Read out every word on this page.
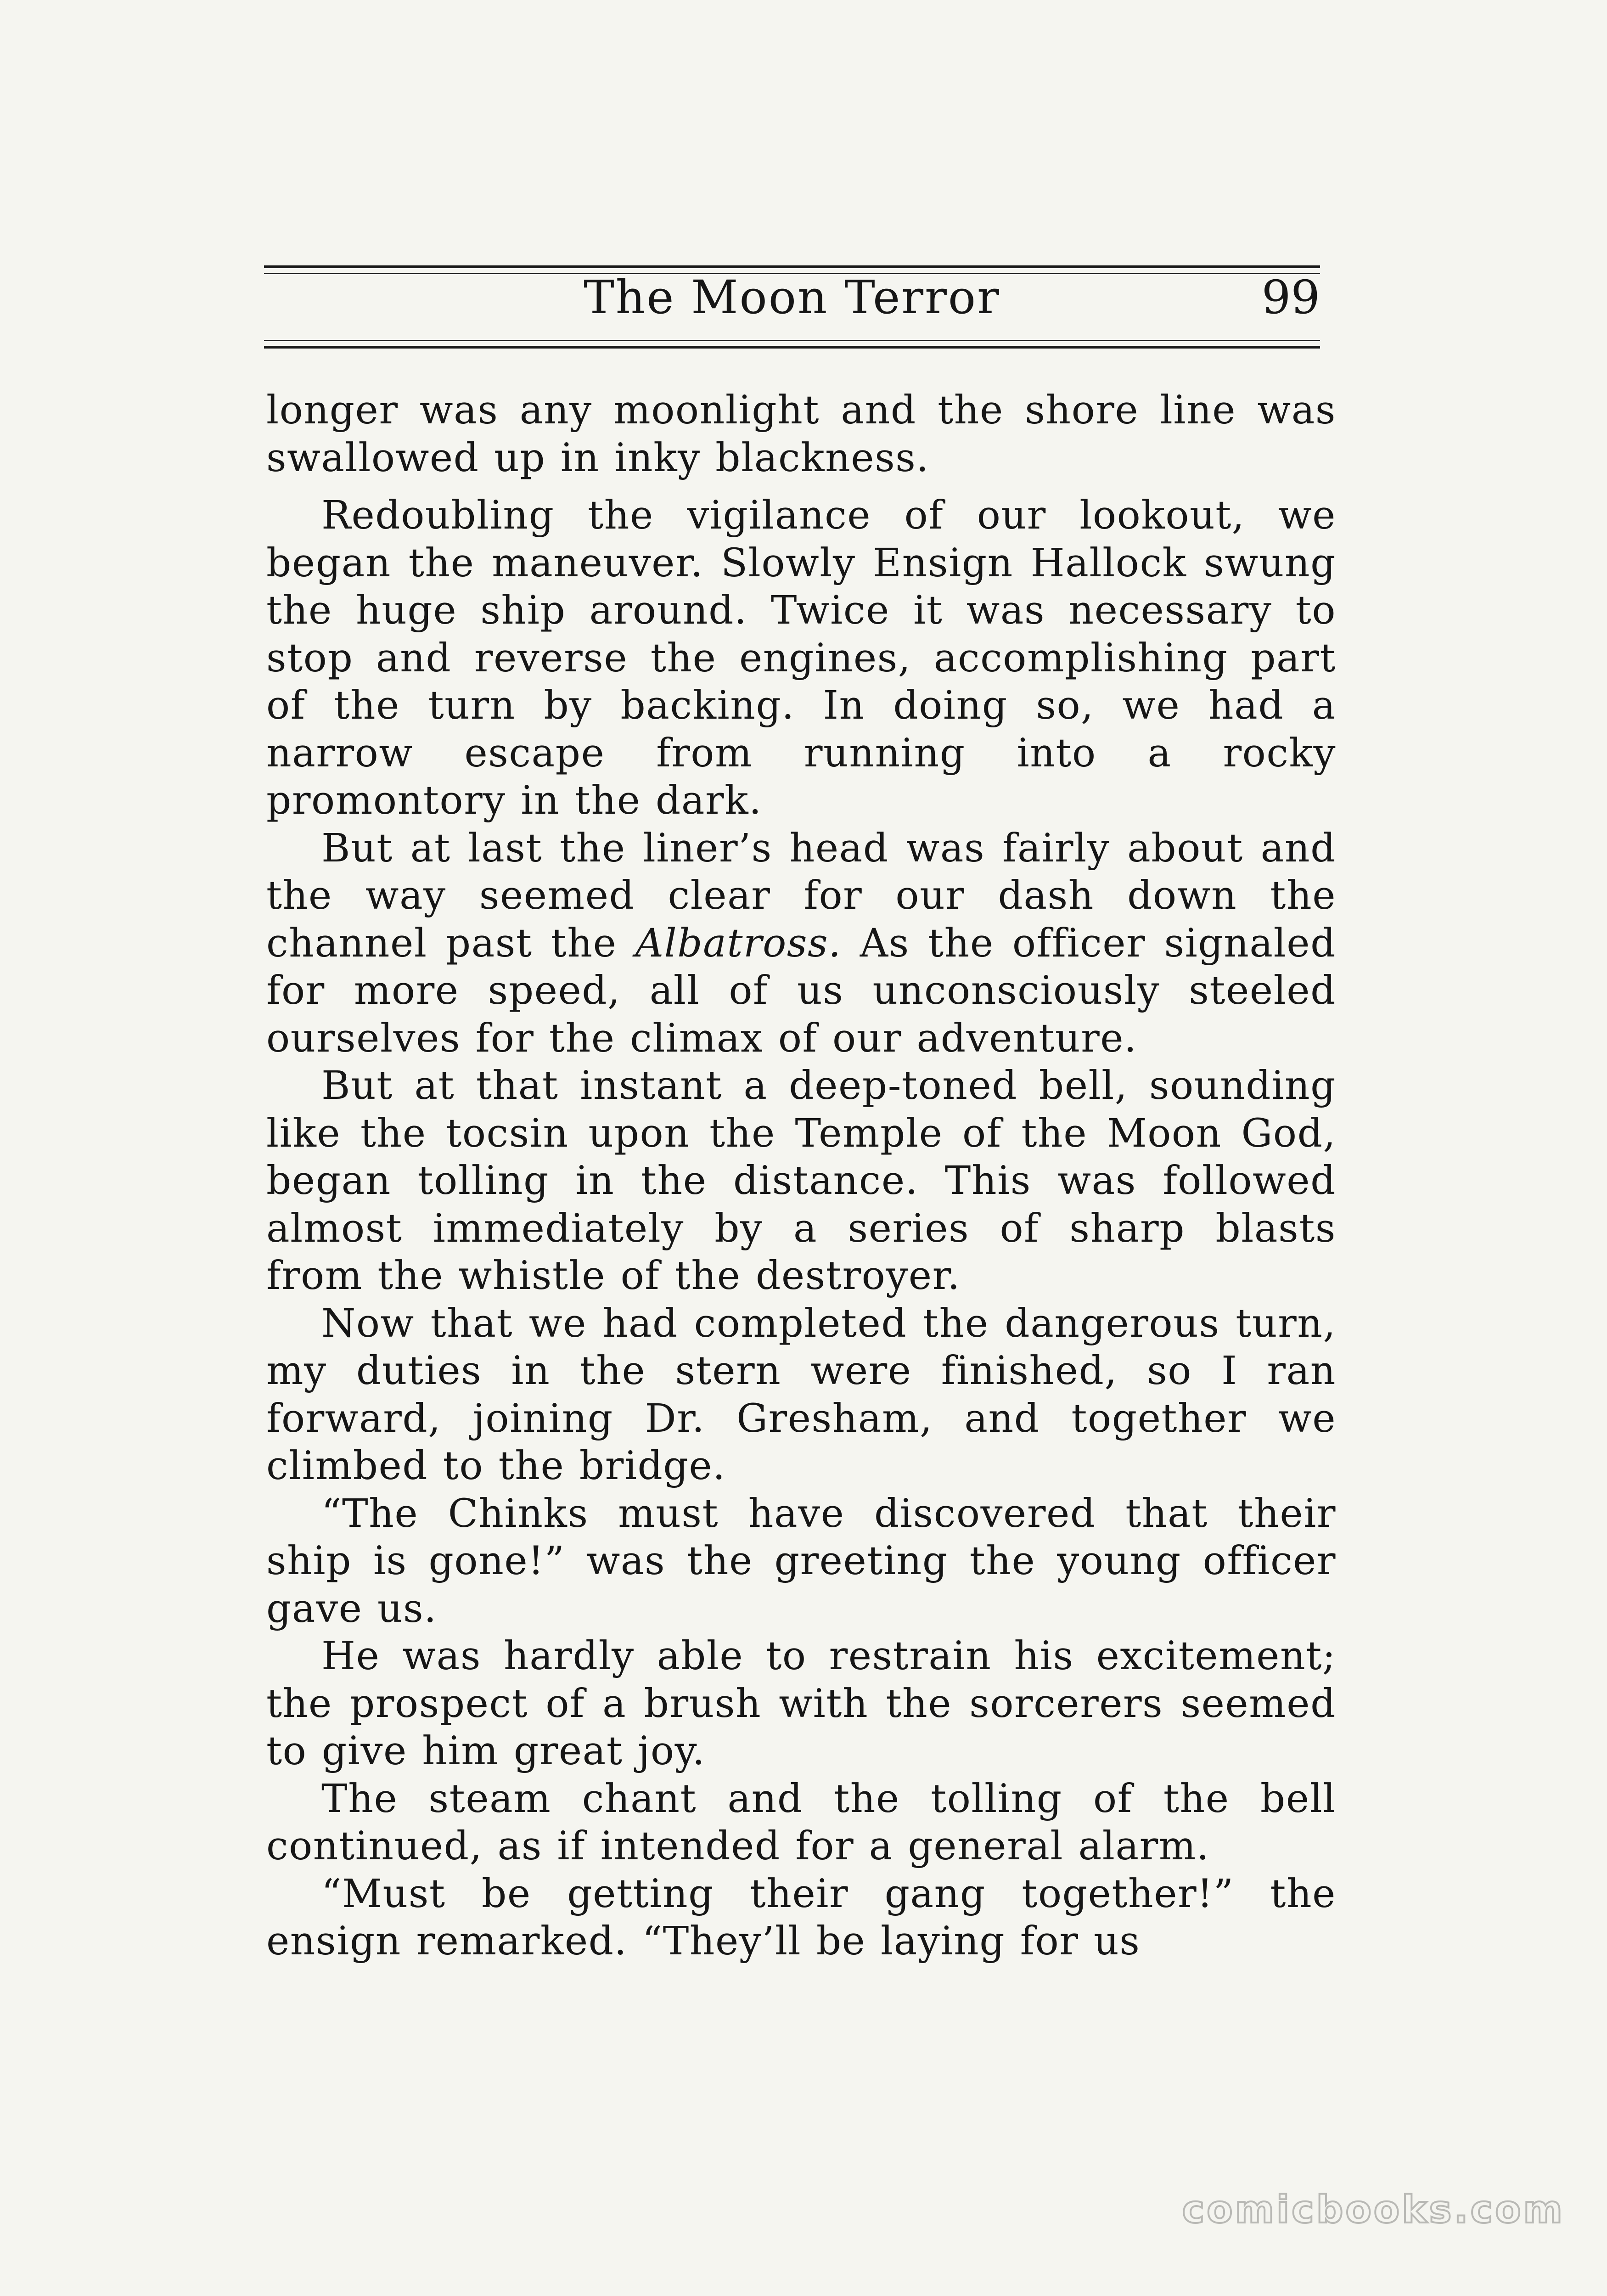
The Moon Terror	99

longer was any moonlight and the shore line was swallowed up in inky blackness.

Redoubling the vigilance of our lookout, we began the maneuver. Slowly Ensign Hallock swung the huge ship around. Twice it was necessary to stop and reverse the engines, accomplishing part of the turn by backing. In doing so, we had a narrow escape from running into a rocky promontory in the dark.

But at last the liner’s head was fairly about and the way seemed clear for our dash down the channel past the Albatross. As the officer signaled for more speed, all of us unconsciously steeled ourselves for the climax of our adventure.

But at that instant a deep-toned bell, sounding like the tocsin upon the Temple of the Moon God, began tolling in the distance. This was followed almost immediately by a series of sharp blasts from the whistle of the destroyer.

Now that we had completed the dangerous turn, my duties in the stern were finished, so I ran forward, joining Dr. Gresham, and together we climbed to the bridge.

“The Chinks must have discovered that their ship is gone!” was the greeting the young officer gave us.

He was hardly able to restrain his excitement; the prospect of a brush with the sorcerers seemed to give him great joy.

The steam chant and the tolling of the bell continued, as if intended for a general alarm.

“Must be getting their gang together!” the ensign remarked. “They’ll be laying for us

comicbooks.com
